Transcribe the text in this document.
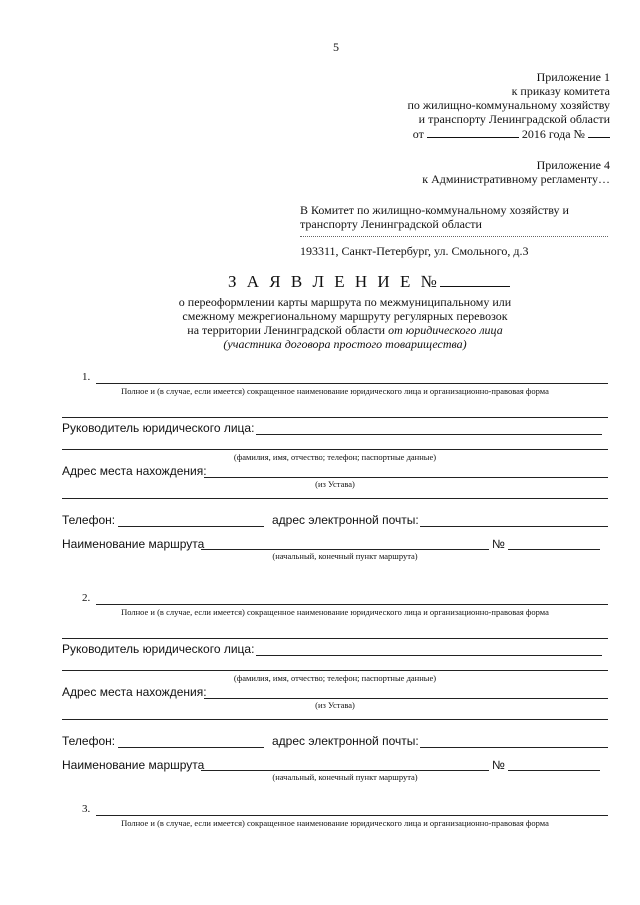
5
Приложение 1
к приказу комитета
по жилищно-коммунальному хозяйству
и транспорту Ленинградской области
от	2016 года №
Приложение 4
к Административному регламенту…
В Комитет по жилищно-коммунальному хозяйству и
транспорту Ленинградской области
193311, Санкт-Петербург, ул. Смольного, д.3
З А Я В Л Е Н И Е №
о переоформлении карты маршрута по межмуниципальному или
смежному межрегиональному маршруту регулярных перевозок
на территории Ленинградской области от юридического лица
(участника договора простого товарищества)
1.
Полное и (в случае, если имеется) сокращенное наименование юридического лица и организационно-правовая форма
Руководитель юридического лица:
(фамилия, имя, отчество; телефон; паспортные данные)
Адрес места нахождения:
(из Устава)
Телефон:	адрес электронной почты:
Наименование маршрута	№
(начальный, конечный пункт маршрута)
2.
Полное и (в случае, если имеется) сокращенное наименование юридического лица и организационно-правовая форма
Руководитель юридического лица:
(фамилия, имя, отчество; телефон; паспортные данные)
Адрес места нахождения:
(из Устава)
Телефон:	адрес электронной почты:
Наименование маршрута	№
(начальный, конечный пункт маршрута)
3.
Полное и (в случае, если имеется) сокращенное наименование юридического лица и организационно-правовая форма
